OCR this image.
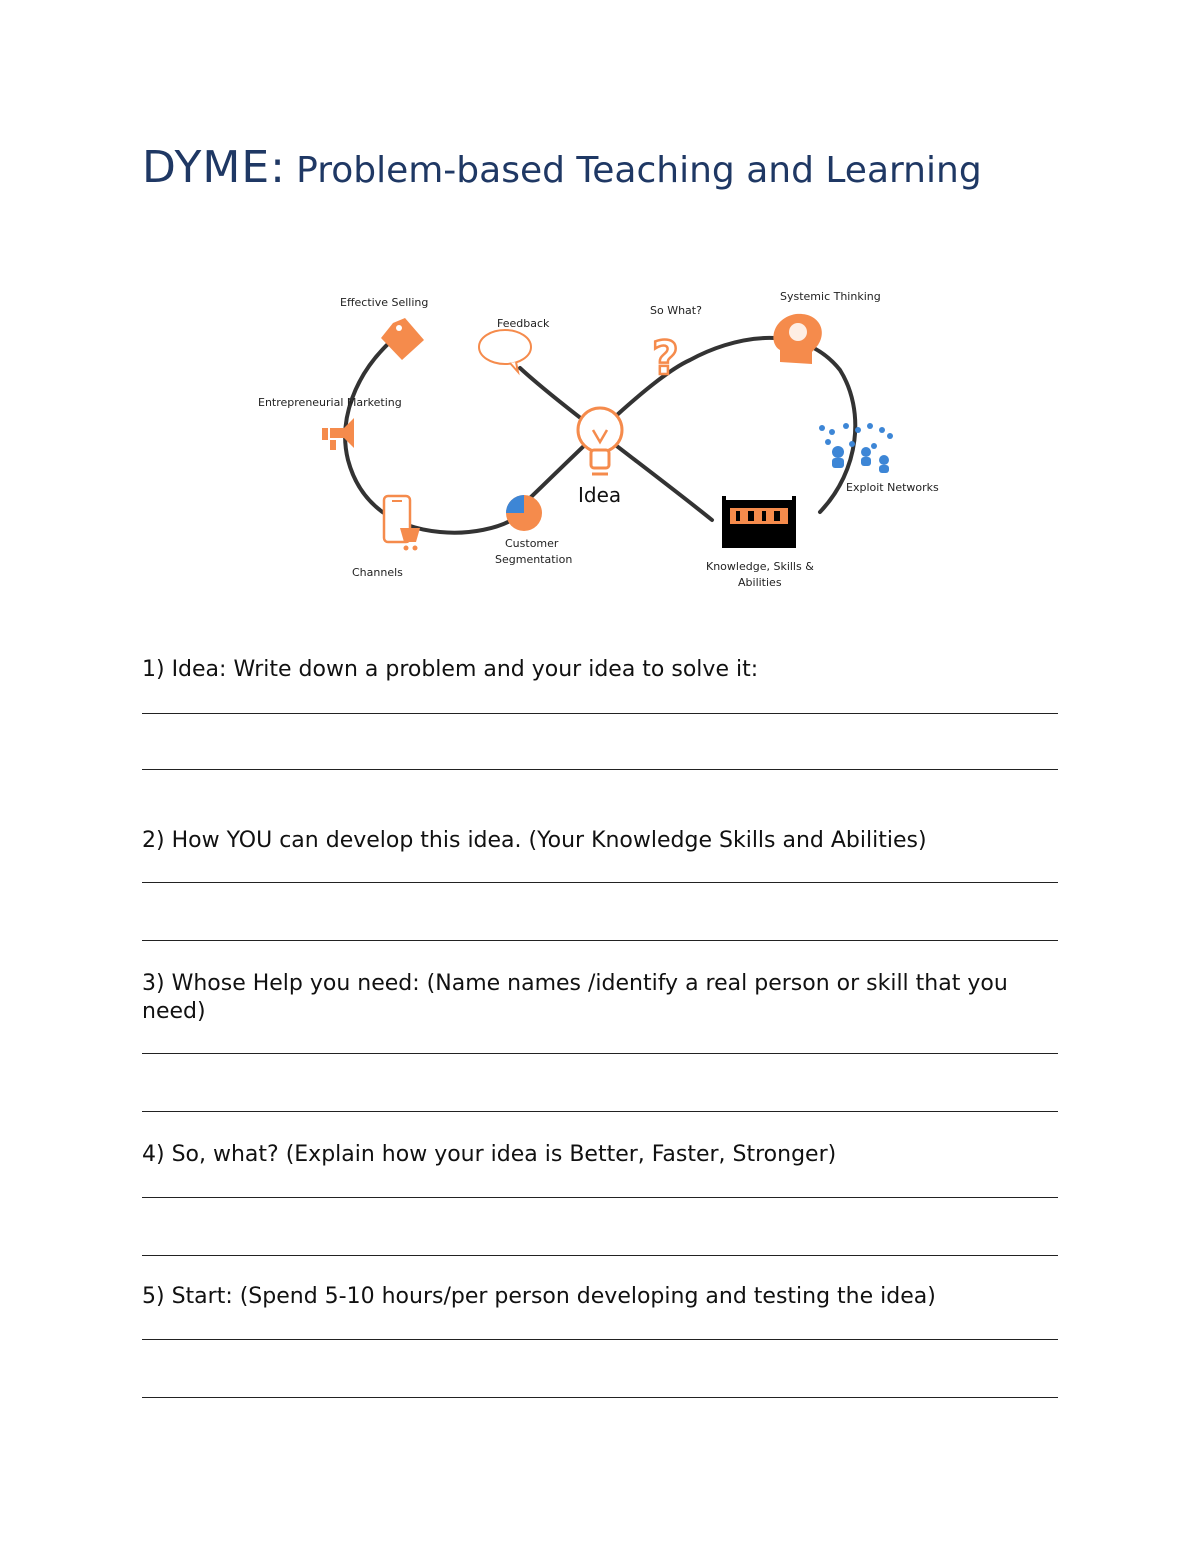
DYME: Problem-based Teaching and Learning
Idea
Effective Selling
Feedback
?
So What?
Systemic Thinking
Entrepreneurial Marketing
Exploit Networks
Channels
Customer
Segmentation
Knowledge, Skills &
Abilities
1) Idea: Write down a problem and your idea to solve it:
2) How YOU can develop this idea. (Your Knowledge Skills and Abilities)
3) Whose Help you need: (Name names /identify a real person or skill that you need)
4) So, what? (Explain how your idea is Better, Faster, Stronger)
5) Start: (Spend 5-10 hours/per person developing and testing the idea)
